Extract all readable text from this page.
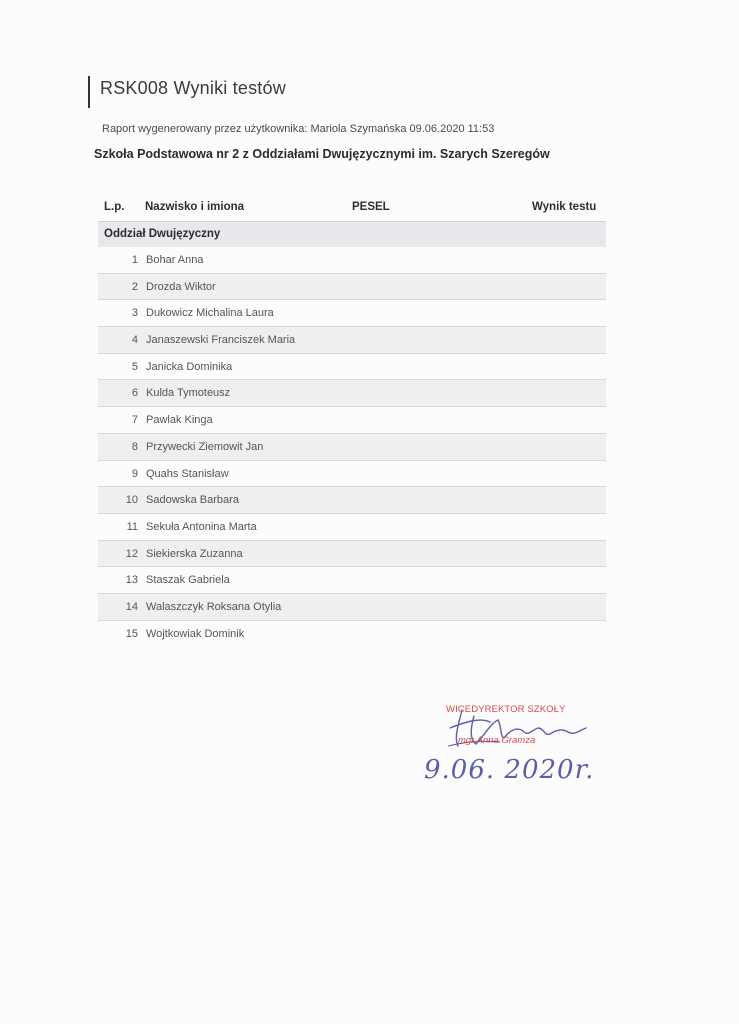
RSK008 Wyniki testów
Raport wygenerowany przez użytkownika: Mariola Szymańska 09.06.2020 11:53
Szkoła Podstawowa nr 2 z Oddziałami Dwujęzycznymi im. Szarych Szeregów
L.p. Nazwisko i imiona	PESEL	Wynik testu
Oddział Dwujęzyczny
1 Bohar Anna
2 Drozda Wiktor
3 Dukowicz Michalina Laura
4 Janaszewski Franciszek Maria
5 Janicka Dominika
6 Kulda Tymoteusz
7 Pawlak Kinga
8 Przywecki Ziemowit Jan
9 Quahs Stanisław
10 Sadowska Barbara
11 Sekuła Antonina Marta
12 Siekierska Zuzanna
13 Staszak Gabriela
14 Walaszczyk Roksana Otylia
15 Wojtkowiak Dominik
WICEDYREKTOR SZKOŁY
mgr Anna Gramza
9.06. 2020r.
